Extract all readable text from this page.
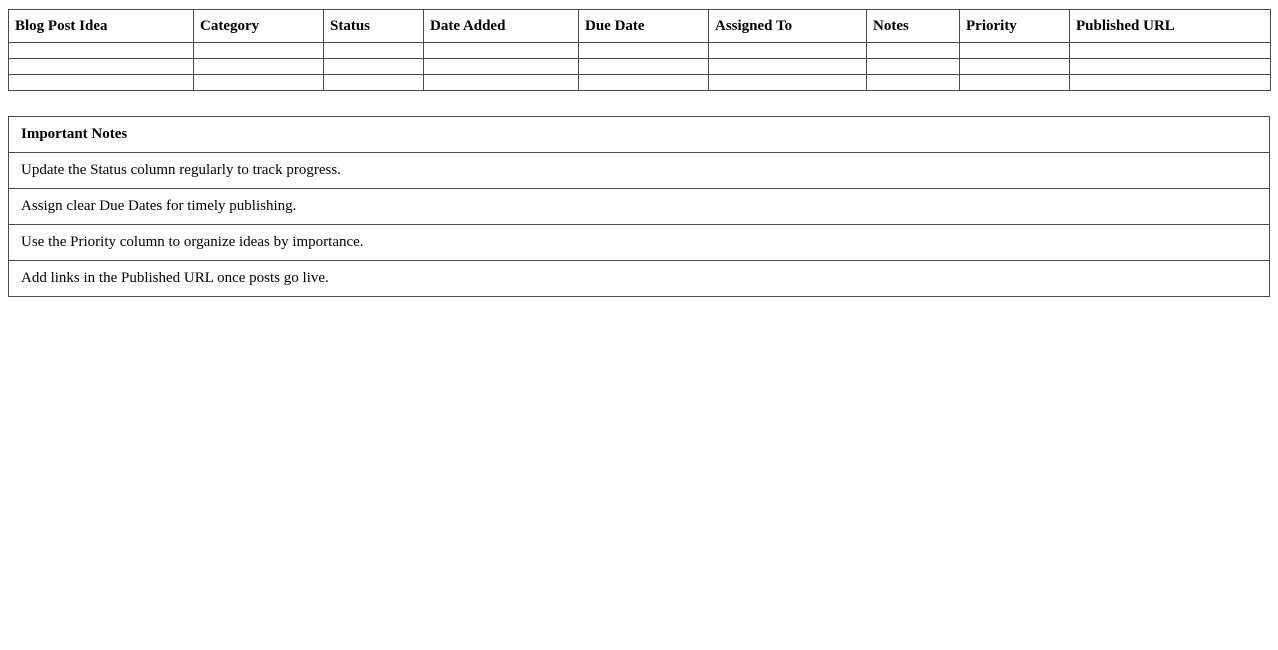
Blog Post Idea	Category	Status	Date Added	Due Date	Assigned To	Notes	Priority	Published URL

Important Notes
Update the Status column regularly to track progress.
Assign clear Due Dates for timely publishing.
Use the Priority column to organize ideas by importance.
Add links in the Published URL once posts go live.
